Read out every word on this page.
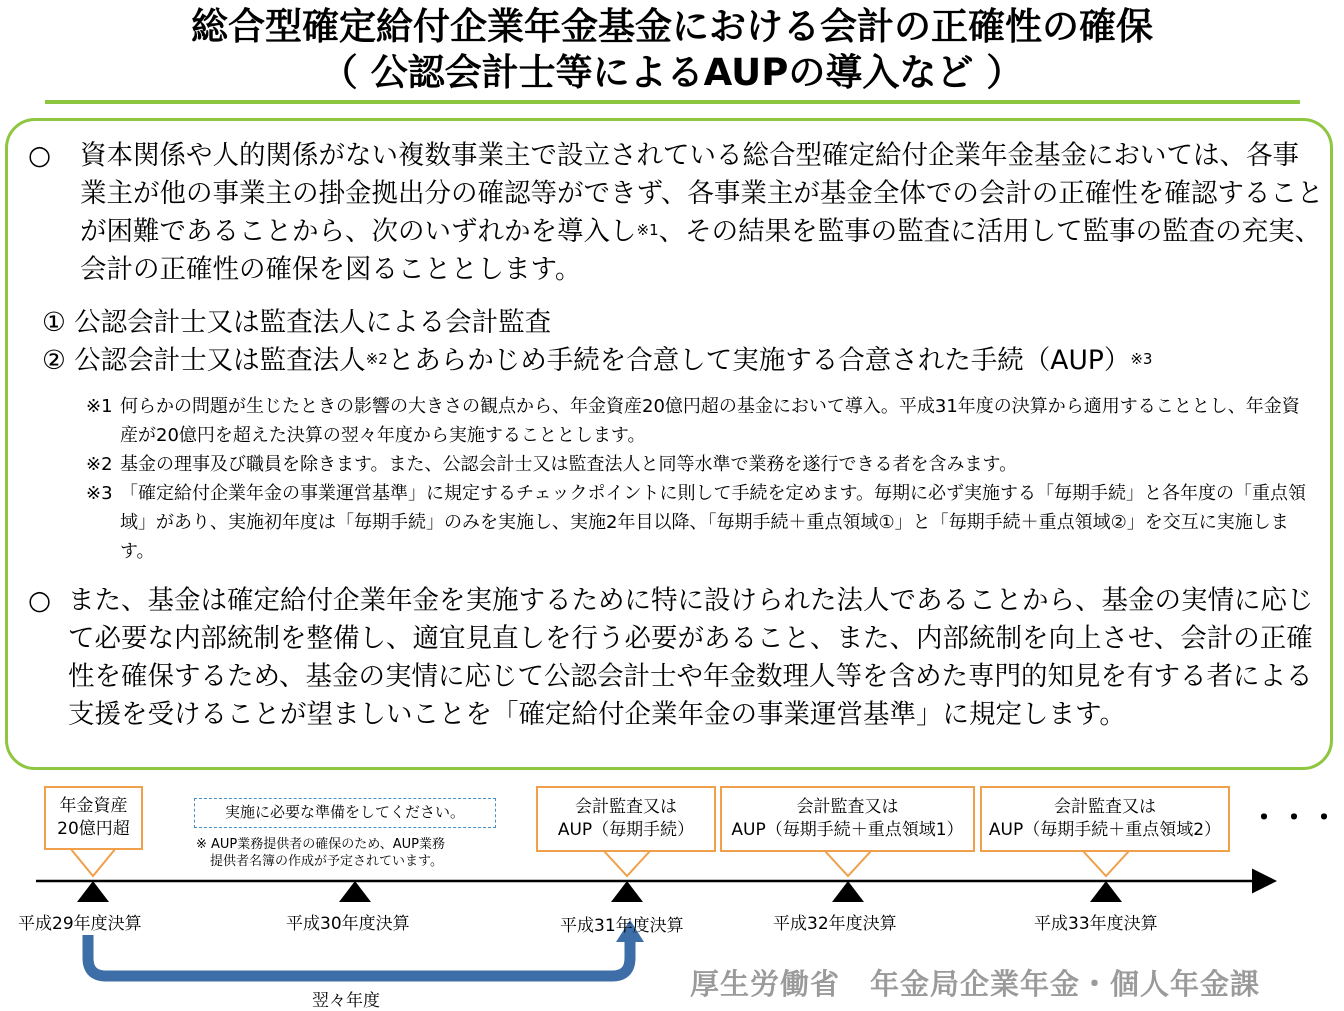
総合型確定給付企業年金基金における会計の正確性の確保
（ 公認会計士等によるAUPの導入など ）
○	資本関係や人的関係がない複数事業主で設立されている総合型確定給付企業年金基金においては、各事業主が他の事業主の掛金拠出分の確認等ができず、各事業主が基金全体での会計の正確性を確認することが困難であることから、次のいずれかを導入し$^{※1}$、その結果を監事の監査に活用して監事の監査の充実、会計の正確性の確保を図ることとします。
① 公認会計士又は監査法人による会計監査
② 公認会計士又は監査法人$^{※2}$とあらかじめ手続を合意して実施する合意された手続（AUP）$^{※3}$
※1 何らかの問題が生じたときの影響の大きさの観点から、年金資産20億円超の基金において導入。平成31年度の決算から適用することとし、年金資産が20億円を超えた決算の翌々年度から実施することとします。
※2 基金の理事及び職員を除きます。また、公認会計士又は監査法人と同等水準で業務を遂行できる者を含みます。
※3 「確定給付企業年金の事業運営基準」に規定するチェックポイントに則して手続を定めます。毎期に必ず実施する「毎期手続」と各年度の「重点領域」があり、実施初年度は「毎期手続」のみを実施し、実施2年目以降、「毎期手続＋重点領域①」と「毎期手続＋重点領域②」を交互に実施します。
○ また、基金は確定給付企業年金を実施するために特に設けられた法人であることから、基金の実情に応じて必要な内部統制を整備し、適宜見直しを行う必要があること、また、内部統制を向上させ、会計の正確性を確保するため、基金の実情に応じて公認会計士や年金数理人等を含めた専門的知見を有する者による支援を受けることが望ましいことを「確定給付企業年金の事業運営基準」に規定します。
年金資産
20億円超
会計監査又は
AUP（毎期手続）
会計監査又は
AUP（毎期手続＋重点領域1）
会計監査又は
AUP（毎期手続＋重点領域2）
実施に必要な準備をしてください。
※ AUP業務提供者の確保のため、AUP業務
提供者名簿の作成が予定されています。
・・・
平成29年度決算	平成30年度決算	平成31年度決算	平成32年度決算	平成33年度決算
翌々年度	厚生労働省　年金局企業年金・個人年金課
